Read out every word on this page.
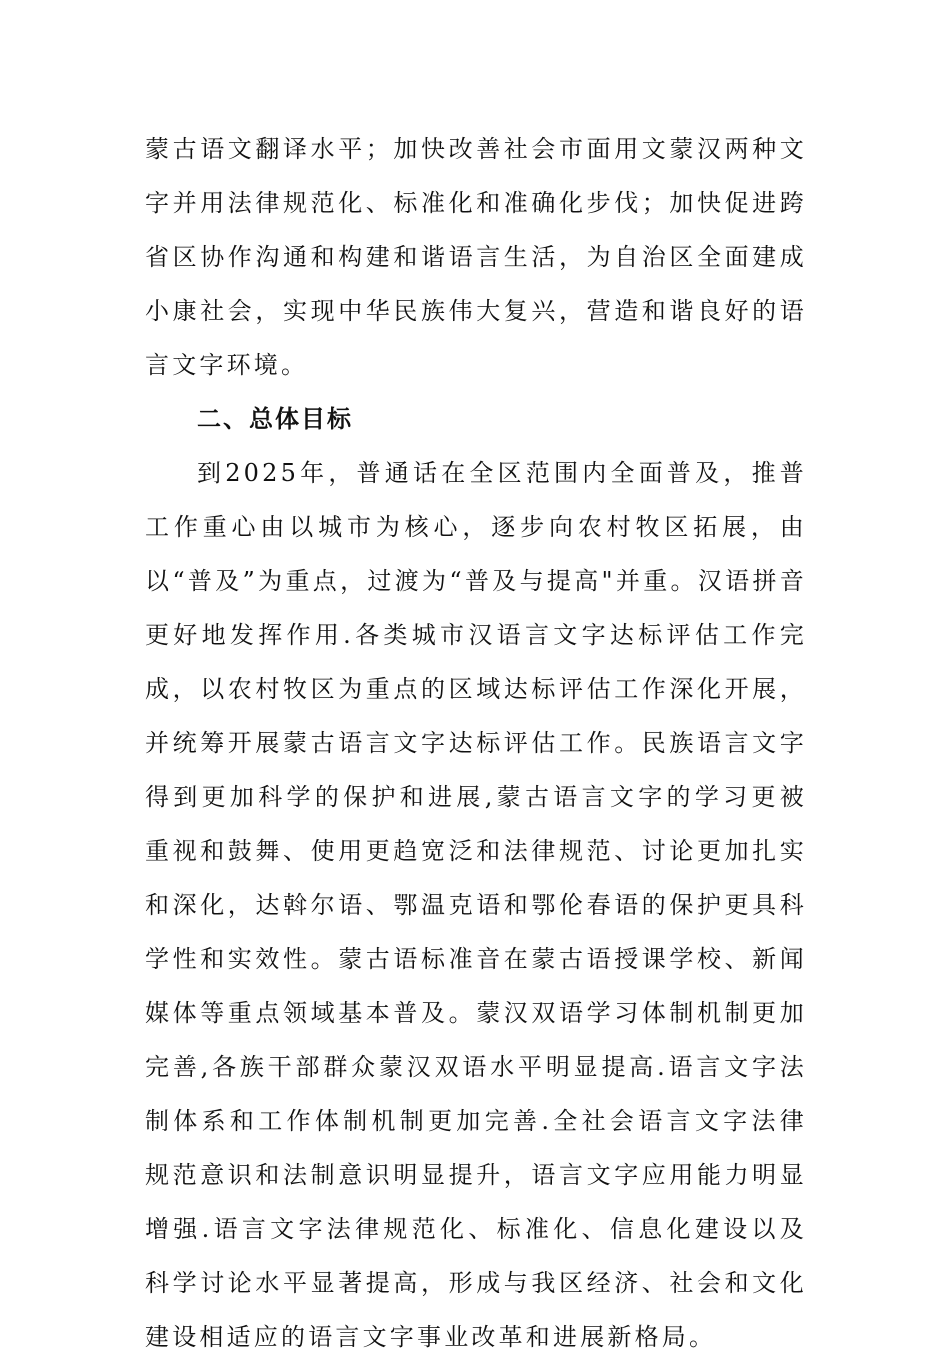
蒙古语文翻译水平；加快改善社会市面用文蒙汉两种文字并用法律规范化、标准化和准确化步伐；加快促进跨省区协作沟通和构建和谐语言生活，为自治区全面建成小康社会，实现中华民族伟大复兴，营造和谐良好的语言文字环境。

二、总体目标

到2025年，普通话在全区范围内全面普及，推普工作重心由以城市为核心，逐步向农村牧区拓展，由以“普及”为重点，过渡为“普及与提高"并重。汉语拼音更好地发挥作用.各类城市汉语言文字达标评估工作完成，以农村牧区为重点的区域达标评估工作深化开展，并统筹开展蒙古语言文字达标评估工作。民族语言文字得到更加科学的保护和进展,蒙古语言文字的学习更被重视和鼓舞、使用更趋宽泛和法律规范、讨论更加扎实和深化，达斡尔语、鄂温克语和鄂伦春语的保护更具科学性和实效性。蒙古语标准音在蒙古语授课学校、新闻媒体等重点领域基本普及。蒙汉双语学习体制机制更加完善,各族干部群众蒙汉双语水平明显提高.语言文字法制体系和工作体制机制更加完善.全社会语言文字法律规范意识和法制意识明显提升，语言文字应用能力明显增强.语言文字法律规范化、标准化、信息化建设以及科学讨论水平显著提高，形成与我区经济、社会和文化建设相适应的语言文字事业改革和进展新格局。
